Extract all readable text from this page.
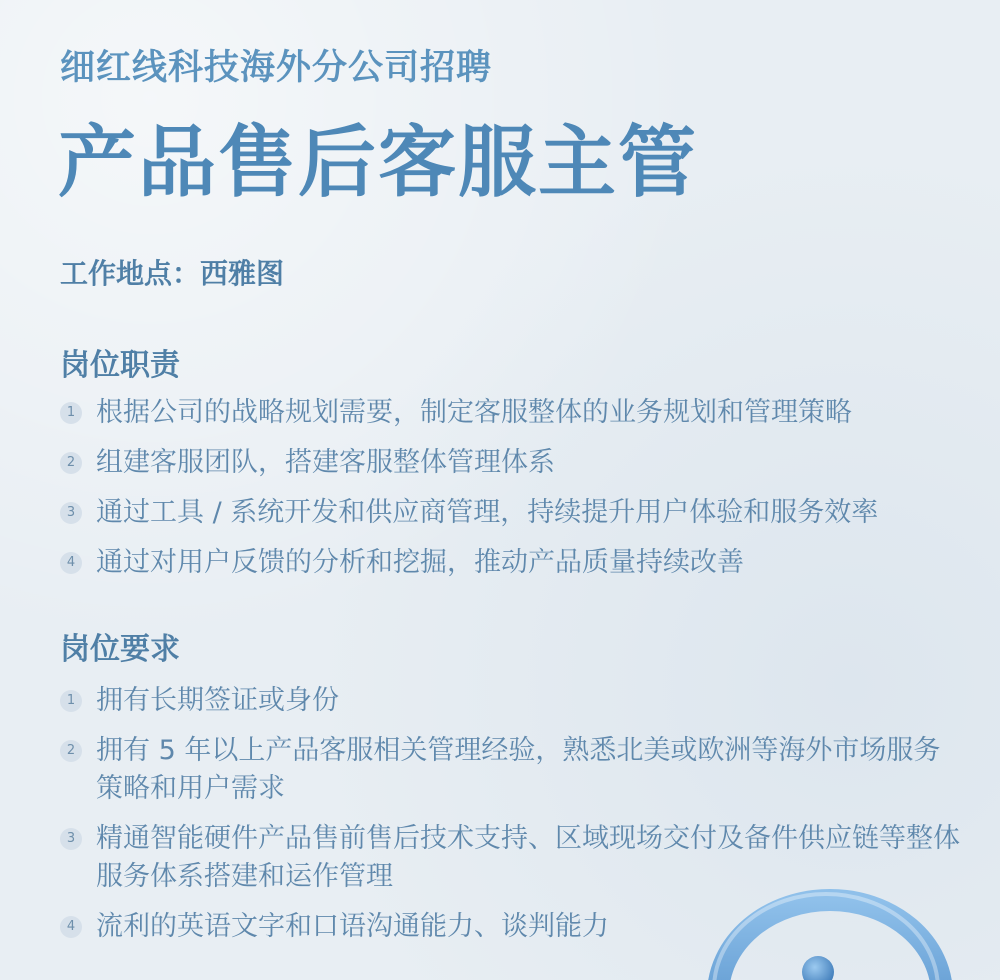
细红线科技海外分公司招聘
产品售后客服主管
工作地点：西雅图
岗位职责
1 根据公司的战略规划需要，制定客服整体的业务规划和管理策略
2 组建客服团队，搭建客服整体管理体系
3 通过工具 / 系统开发和供应商管理，持续提升用户体验和服务效率
4 通过对用户反馈的分析和挖掘，推动产品质量持续改善
岗位要求
1 拥有长期签证或身份
2 拥有 5 年以上产品客服相关管理经验，熟悉北美或欧洲等海外市场服务策略和用户需求
3 精通智能硬件产品售前售后技术支持、区域现场交付及备件供应链等整体服务体系搭建和运作管理
4 流利的英语文字和口语沟通能力、谈判能力
